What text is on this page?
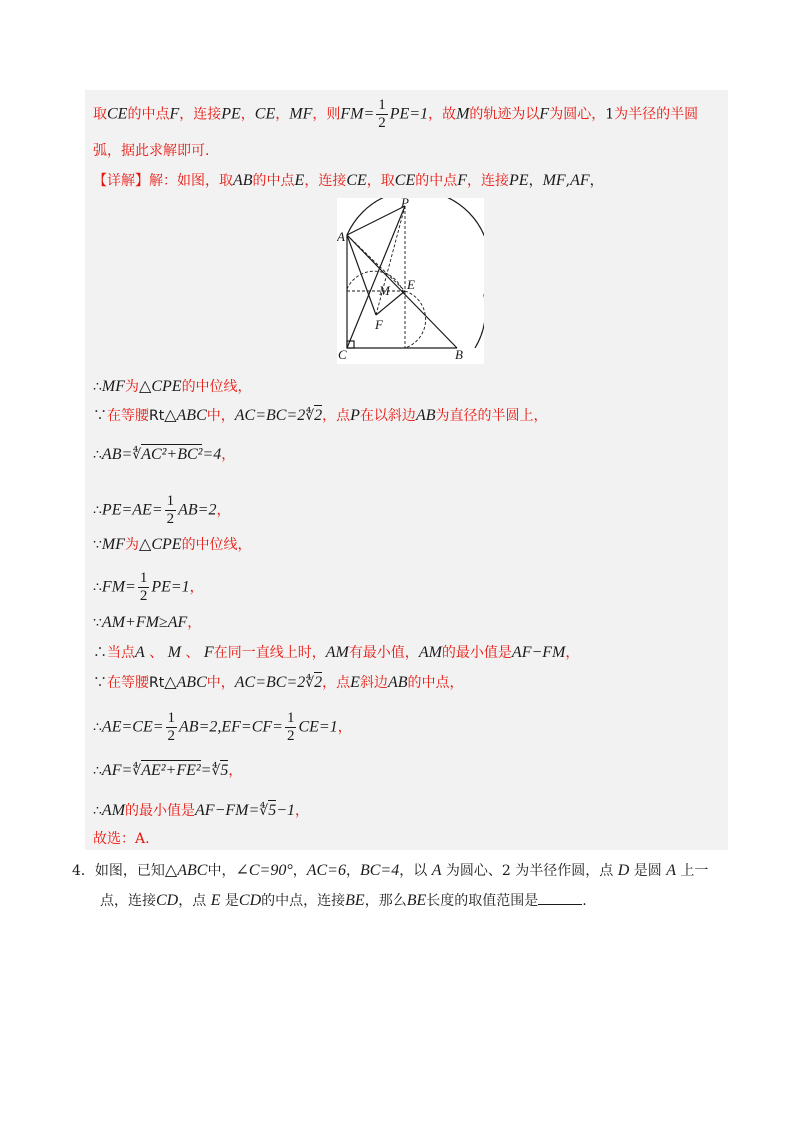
取CE的中点F，连接PE，CE，MF，则$FM= \frac{1}{2} PE=1$，故M的轨迹为以F为圆心，1为半径的半圆
弧，据此求解即可.
【详解】解：如图，取AB的中点E，连接CE，取CE的中点F，连接PE，MF,AF，
P
A
M E
F
C	B
∴MF为△CPE的中位线，
∵在等腰Rt△ABC中，AC=BC=2∜2，点P在以斜边AB为直径的半圆上，
∴AB=∜AC²+BC²=4，
∴PE=AE= $\frac{1}{2} AB=2$，
∵MF为△CPE的中位线，
∴FM= $\frac{1}{2} PE=1$，
∵AM+FM≥AF，
∴当点A 、 M 、 F在同一直线上时，AM有最小值，AM的最小值是AF−FM，
∵在等腰Rt△ABC中，AC=BC=2∜2，点E斜边AB的中点，
∴AE=CE= $\frac{1}{2} AB=2,EF=CF= \frac{1}{2} CE=1$，
∴AF=∜AE²+FE²=∜5，
∴AM的最小值是AF−FM=∜5−1，
故选：A.
4．如图，已知△ABC中，∠C=90°，AC=6，BC=4，以 A 为圆心、2 为半径作圆，点 D 是圆 A 上一
点，连接CD，点 E 是CD的中点，连接BE，那么BE长度的取值范围是	.
